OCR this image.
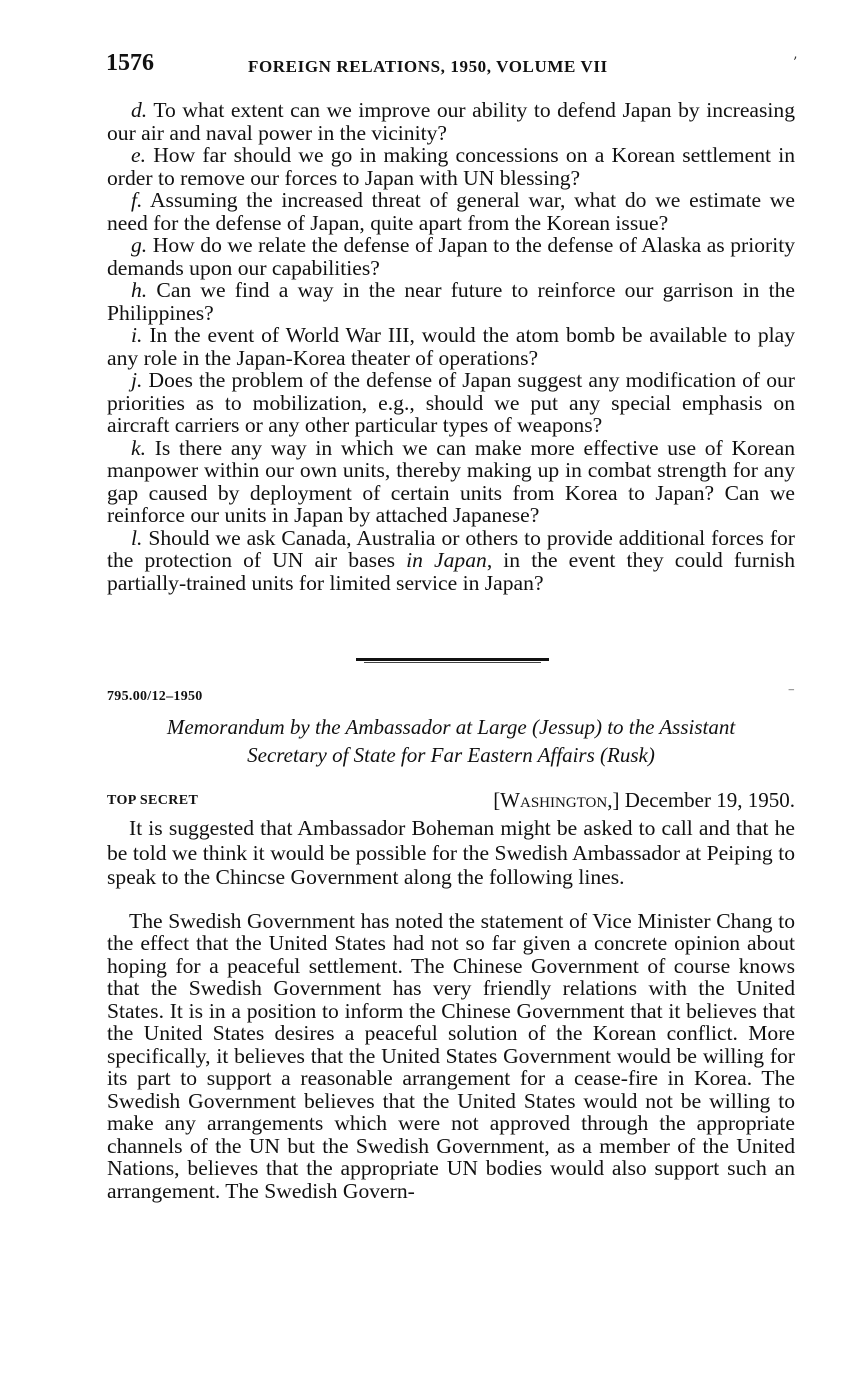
1576	FOREIGN RELATIONS, 1950, VOLUME VII	ʼ

d. To what extent can we improve our ability to defend Japan by increasing our air and naval power in the vicinity?

e. How far should we go in making concessions on a Korean settlement in order to remove our forces to Japan with UN blessing?

f. Assuming the increased threat of general war, what do we estimate we need for the defense of Japan, quite apart from the Korean issue?

g. How do we relate the defense of Japan to the defense of Alaska as priority demands upon our capabilities?

h. Can we find a way in the near future to reinforce our garrison in the Philippines?

i. In the event of World War III, would the atom bomb be available to play any role in the Japan-Korea theater of operations?

j. Does the problem of the defense of Japan suggest any modification of our priorities as to mobilization, e.g., should we put any special emphasis on aircraft carriers or any other particular types of weapons?

k. Is there any way in which we can make more effective use of Korean manpower within our own units, thereby making up in combat strength for any gap caused by deployment of certain units from Korea to Japan? Can we reinforce our units in Japan by attached Japanese?

l. Should we ask Canada, Australia or others to provide additional forces for the protection of UN air bases in Japan, in the event they could furnish partially-trained units for limited service in Japan?

795.00/12–1950	⁻
Memorandum by the Ambassador at Large (Jessup) to the Assistant
Secretary of State for Far Eastern Affairs (Rusk)
TOP SECRET	[Washington,] December 19, 1950.

It is suggested that Ambassador Boheman might be asked to call and that he be told we think it would be possible for the Swedish Ambassador at Peiping to speak to the Chincse Government along the following lines.

The Swedish Government has noted the statement of Vice Minister Chang to the effect that the United States had not so far given a concrete opinion about hoping for a peaceful settlement. The Chinese Government of course knows that the Swedish Government has very friendly relations with the United States. It is in a position to inform the Chinese Government that it believes that the United States desires a peaceful solution of the Korean conflict. More specifically, it believes that the United States Government would be willing for its part to support a reasonable arrangement for a cease-fire in Korea. The Swedish Government believes that the United States would not be willing to make any arrangements which were not approved through the appropriate channels of the UN but the Swedish Government, as a member of the United Nations, believes that the appropriate UN bodies would also support such an arrangement. The Swedish Govern-
